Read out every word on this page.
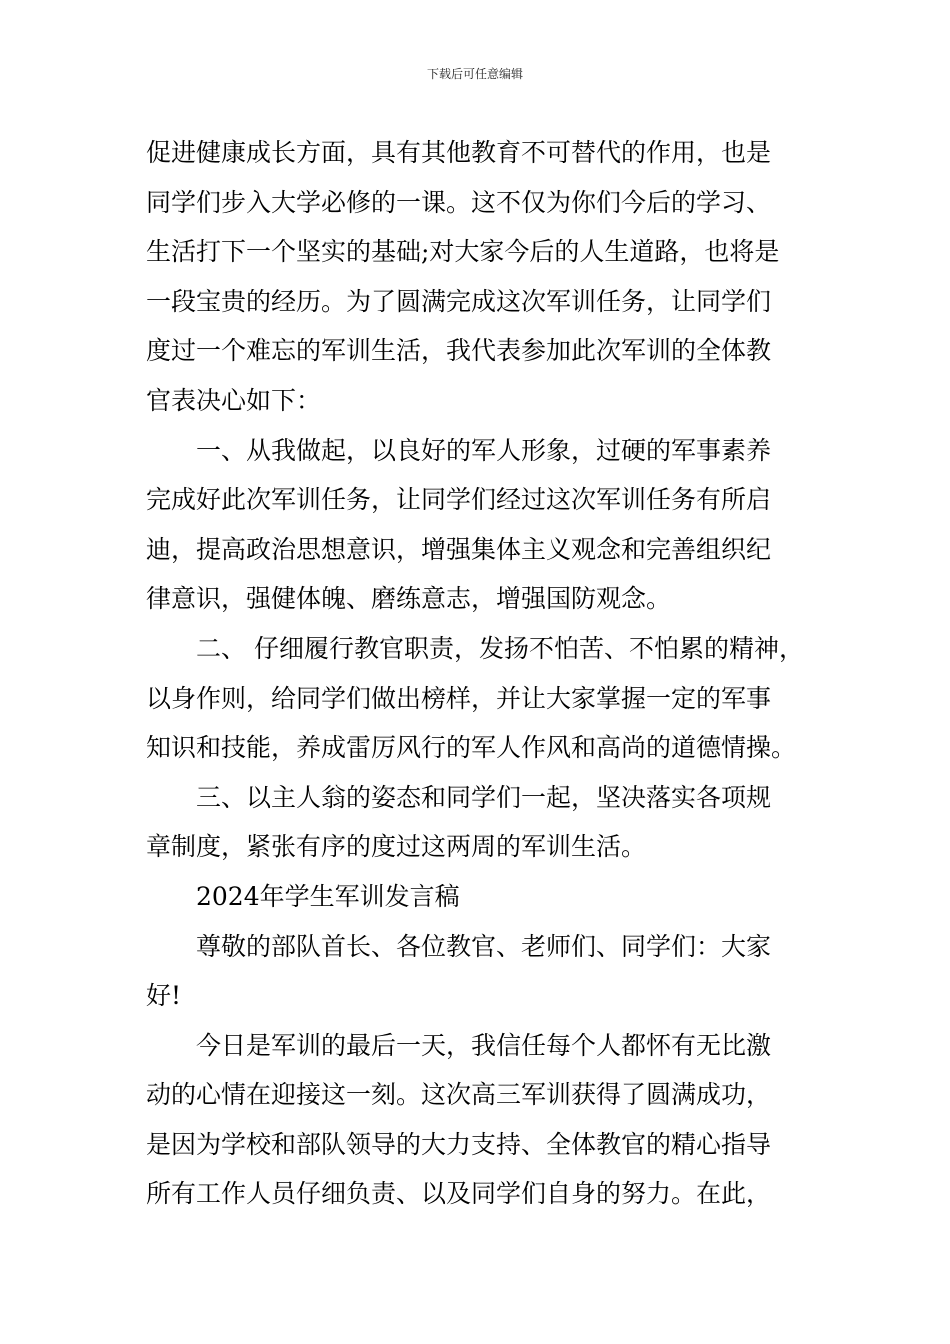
下载后可任意编辑
促进健康成长方面，具有其他教育不可替代的作用，也是
同学们步入大学必修的一课。这不仅为你们今后的学习、
生活打下一个坚实的基础;对大家今后的人生道路，也将是
一段宝贵的经历。为了圆满完成这次军训任务，让同学们
度过一个难忘的军训生活，我代表参加此次军训的全体教
官表决心如下：
一、从我做起，以良好的军人形象，过硬的军事素养
完成好此次军训任务，让同学们经过这次军训任务有所启
迪，提高政治思想意识，增强集体主义观念和完善组织纪
律意识，强健体魄、磨练意志，增强国防观念。
二、 仔细履行教官职责，发扬不怕苦、不怕累的精神，
以身作则，给同学们做出榜样，并让大家掌握一定的军事
知识和技能，养成雷厉风行的军人作风和高尚的道德情操。
三、以主人翁的姿态和同学们一起，坚决落实各项规
章制度，紧张有序的度过这两周的军训生活。
2024年学生军训发言稿
尊敬的部队首长、各位教官、老师们、同学们：大家
好!
今日是军训的最后一天，我信任每个人都怀有无比激
动的心情在迎接这一刻。这次高三军训获得了圆满成功，
是因为学校和部队领导的大力支持、全体教官的精心指导
所有工作人员仔细负责、以及同学们自身的努力。在此，
